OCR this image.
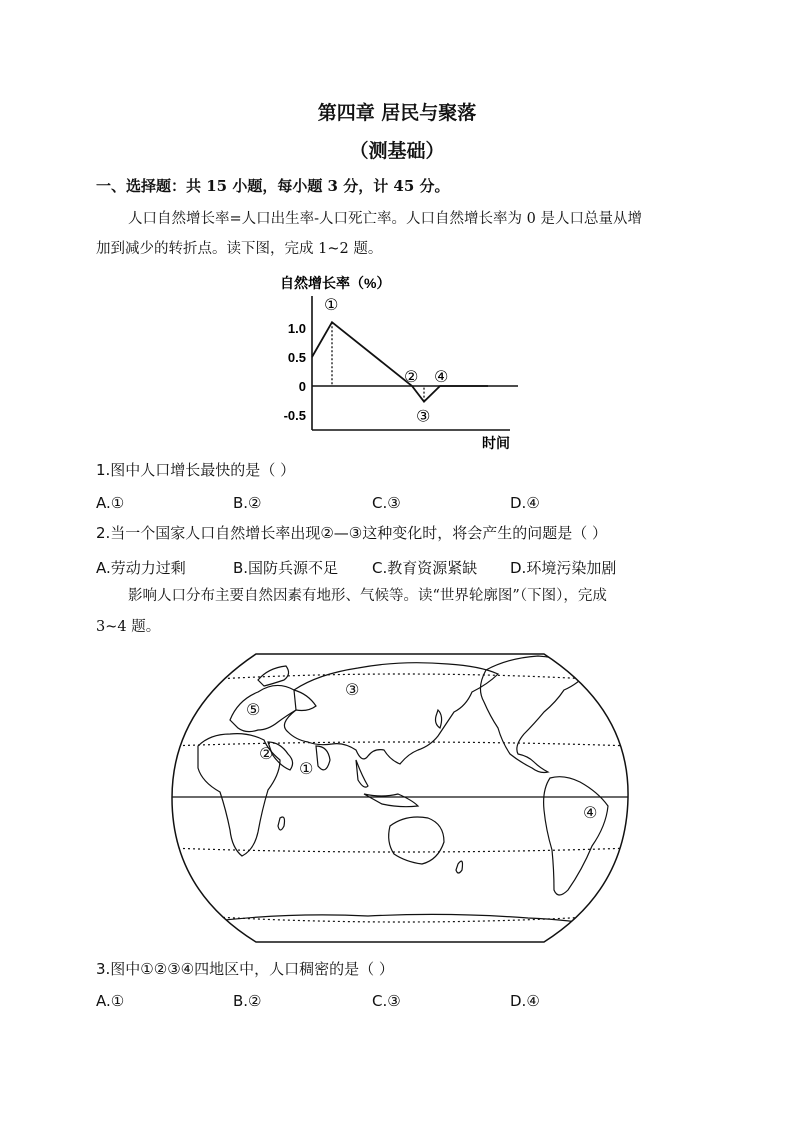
第四章 居民与聚落
（测基础）
一、选择题：共 15 小题，每小题 3 分，计 45 分。
人口自然增长率=人口出生率-人口死亡率。人口自然增长率为 0 是人口总量从增
加到减少的转折点。读下图，完成 1~2 题。
自然增长率（%）
1.0
0.5
0
-0.5
①
②
③
④
时间
1.图中人口增长最快的是（ ）
A.①	B.②	C.③	D.④
2.当一个国家人口自然增长率出现②—③这种变化时，将会产生的问题是（ ）
A.劳动力过剩	B.国防兵源不足 C.教育资源紧缺 D.环境污染加剧
影响人口分布主要自然因素有地形、气候等。读“世界轮廓图”（下图），完成
3~4 题。
①
②
③
④
⑤
3.图中①②③④四地区中，人口稠密的是（ ）
A.①	B.②	C.③	D.④
